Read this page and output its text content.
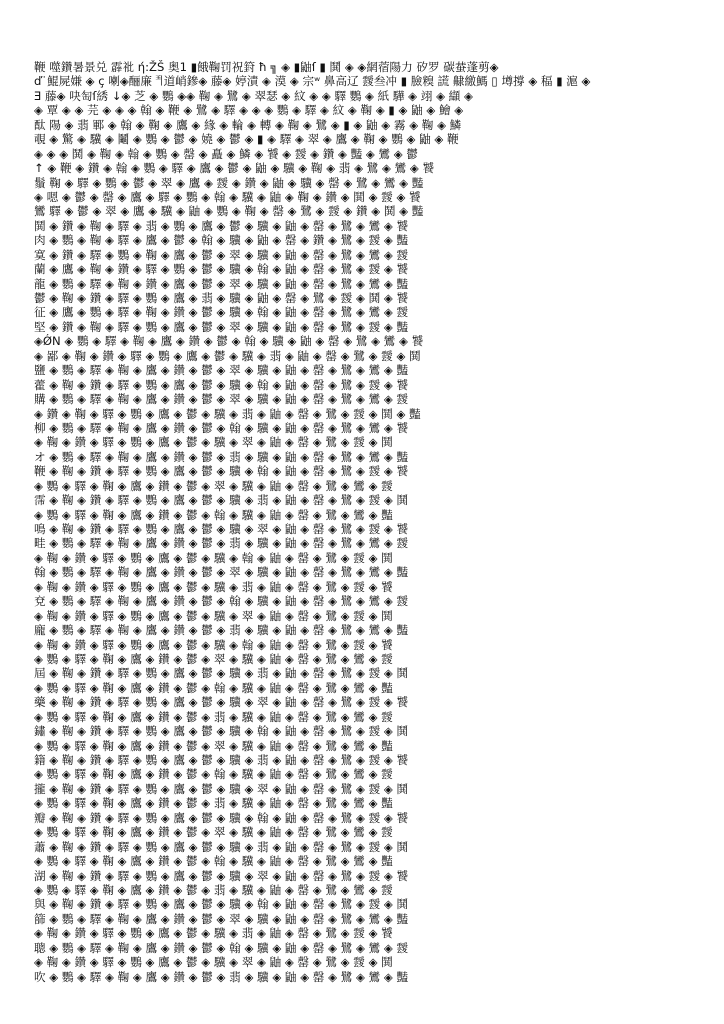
鞭 噬鑽暑景兑 霹䃾 ή:ŽŠ 奥1 ▮餓鞠罚祝篈 ħ ╗ ◈ ▮鼬ſ ▮ 鬨 ◈ ◈網蓿陽力 矽罗 碳蛬蓬剪◈
ď˙鯤屍嫌 ◈ ç 喇◈酾廉𩰊道峭鏒◈ 藤◈ 婷漬 ◈ 漠 ◈ 宗ʷ 鼻高辽 靉叁冲 ▮ 臉糗 謊 齂繳鰢 ▯ 壿撐 ◈ 稫 ▮ 滬 ◈
Ǝ 藤◈ 吷匋ſ綉 ↓◈ 芝 ◈ 鸚 ◈◈ 鞠 ◈ 鷺 ◈ 翠瑟 ◈ 紋 ◈ ◈ 驛 鸚 ◈ 紙 驊 ◈ 翊 ◈ 纈 ◈
◈ 覃 ◈ ◈ 芫 ◈ ◈ ◈ 翰 ◈ 鞭 ◈ 鷺 ◈ 驛 ◈ ◈ ◈ 鸚 ◈ 驛 ◈ 紋 ◈ 鞠 ◈ ▮ ◈ 鼬 ◈ 鱠 ◈
酞 陽 ◈ 翡 鄆 ◈ 翰 ◈ 鞠 ◈ 鷹 ◈ 緣 ◈ 輪 ◈ 轉 ◈ 鞠 ◈ 鷺 ◈ ▮ ◈ 鼬 ◈ 霧 ◈ 鞠 ◈ 鱗
覗 ◈ 驚 ◈ 驥 ◈ 鬮 ◈ 鸚 ◈ 鬱 ◈ 嬈 ◈ 鬱 ◈ ▮ ◈ 驛 ◈ 翠 ◈ 鷹 ◈ 鞠 ◈ 鸚 ◈ 鼬 ◈ 鞭
◈ ◈ ◈ 鬨 ◈ 鞠 ◈ 翰 ◈ 鸚 ◈ 罄 ◈ 矗 ◈ 鱗 ◈ 饕 ◈ 靉 ◈ 鑽 ◈ 豔 ◈ 鸞 ◈ 鬱
↑ ◈ 鞭 ◈ 鑽 ◈ 翰 ◈ 鸚 ◈ 驛 ◈ 鷹 ◈ 鬱 ◈ 鼬 ◈ 驥 ◈ 鞠 ◈ 翡 ◈ 鷺 ◈ 鸞 ◈ 饕
鬚 鞠 ◈ 驛 ◈ 鸚 ◈ 鬱 ◈ 翠 ◈ 鷹 ◈ 靉 ◈ 鑽 ◈ 鼬 ◈ 驥 ◈ 罄 ◈ 鷺 ◈ 鸞 ◈ 豔
◈ 嗯 ◈ 鬱 ◈ 罄 ◈ 鷹 ◈ 驛 ◈ 鸚 ◈ 翰 ◈ 驥 ◈ 鼬 ◈ 鞠 ◈ 鑽 ◈ 鬨 ◈ 靉 ◈ 饕
鸞 驛 ◈ 鬱 ◈ 翠 ◈ 鷹 ◈ 驥 ◈ 鼬 ◈ 鸚 ◈ 鞠 ◈ 罄 ◈ 鷺 ◈ 靉 ◈ 鑽 ◈ 鬨 ◈ 豔
鬨 ◈ 鑽 ◈ 鞠 ◈ 驛 ◈ 翡 ◈ 鸚 ◈ 鷹 ◈ 鬱 ◈ 驥 ◈ 鼬 ◈ 罄 ◈ 鷺 ◈ 鸞 ◈ 饕
肉 ◈ 鸚 ◈ 鞠 ◈ 驛 ◈ 鷹 ◈ 鬱 ◈ 翰 ◈ 驥 ◈ 鼬 ◈ 罄 ◈ 鑽 ◈ 鷺 ◈ 靉 ◈ 豔
寞 ◈ 鑽 ◈ 驛 ◈ 鸚 ◈ 鞠 ◈ 鷹 ◈ 鬱 ◈ 翠 ◈ 驥 ◈ 鼬 ◈ 罄 ◈ 鷺 ◈ 鸞 ◈ 靉
蘭 ◈ 鷹 ◈ 鞠 ◈ 鑽 ◈ 驛 ◈ 鸚 ◈ 鬱 ◈ 驥 ◈ 翰 ◈ 鼬 ◈ 罄 ◈ 鷺 ◈ 靉 ◈ 饕
龍 ◈ 鸚 ◈ 驛 ◈ 鞠 ◈ 鑽 ◈ 鷹 ◈ 鬱 ◈ 翠 ◈ 驥 ◈ 鼬 ◈ 罄 ◈ 鷺 ◈ 鸞 ◈ 豔
鬱 ◈ 鞠 ◈ 鑽 ◈ 驛 ◈ 鸚 ◈ 鷹 ◈ 翡 ◈ 驥 ◈ 鼬 ◈ 罄 ◈ 鷺 ◈ 靉 ◈ 鬨 ◈ 饕
征 ◈ 鷹 ◈ 鸚 ◈ 驛 ◈ 鞠 ◈ 鑽 ◈ 鬱 ◈ 驥 ◈ 翰 ◈ 鼬 ◈ 罄 ◈ 鷺 ◈ 鸞 ◈ 靉
堅 ◈ 鑽 ◈ 鞠 ◈ 驛 ◈ 鸚 ◈ 鷹 ◈ 鬱 ◈ 翠 ◈ 驥 ◈ 鼬 ◈ 罄 ◈ 鷺 ◈ 靉 ◈ 豔
◈ǾN ◈ 鸚 ◈ 驛 ◈ 鞠 ◈ 鷹 ◈ 鑽 ◈ 鬱 ◈ 翰 ◈ 驥 ◈ 鼬 ◈ 罄 ◈ 鷺 ◈ 鸞 ◈ 饕
◈ 鄙 ◈ 鞠 ◈ 鑽 ◈ 驛 ◈ 鸚 ◈ 鷹 ◈ 鬱 ◈ 驥 ◈ 翡 ◈ 鼬 ◈ 罄 ◈ 鷺 ◈ 靉 ◈ 鬨
鹽 ◈ 鸚 ◈ 驛 ◈ 鞠 ◈ 鷹 ◈ 鑽 ◈ 鬱 ◈ 翠 ◈ 驥 ◈ 鼬 ◈ 罄 ◈ 鷺 ◈ 鸞 ◈ 豔
藿 ◈ 鞠 ◈ 鑽 ◈ 驛 ◈ 鸚 ◈ 鷹 ◈ 鬱 ◈ 驥 ◈ 翰 ◈ 鼬 ◈ 罄 ◈ 鷺 ◈ 靉 ◈ 饕
購 ◈ 鸚 ◈ 驛 ◈ 鞠 ◈ 鷹 ◈ 鑽 ◈ 鬱 ◈ 翠 ◈ 驥 ◈ 鼬 ◈ 罄 ◈ 鷺 ◈ 鸞 ◈ 靉
◈ 鑽 ◈ 鞠 ◈ 驛 ◈ 鸚 ◈ 鷹 ◈ 鬱 ◈ 驥 ◈ 翡 ◈ 鼬 ◈ 罄 ◈ 鷺 ◈ 靉 ◈ 鬨 ◈ 豔
柳 ◈ 鸚 ◈ 驛 ◈ 鞠 ◈ 鷹 ◈ 鑽 ◈ 鬱 ◈ 翰 ◈ 驥 ◈ 鼬 ◈ 罄 ◈ 鷺 ◈ 鸞 ◈ 饕
◈ 鞠 ◈ 鑽 ◈ 驛 ◈ 鸚 ◈ 鷹 ◈ 鬱 ◈ 驥 ◈ 翠 ◈ 鼬 ◈ 罄 ◈ 鷺 ◈ 靉 ◈ 鬨
オ ◈ 鸚 ◈ 驛 ◈ 鞠 ◈ 鷹 ◈ 鑽 ◈ 鬱 ◈ 翡 ◈ 驥 ◈ 鼬 ◈ 罄 ◈ 鷺 ◈ 鸞 ◈ 豔
鞭 ◈ 鞠 ◈ 鑽 ◈ 驛 ◈ 鸚 ◈ 鷹 ◈ 鬱 ◈ 驥 ◈ 翰 ◈ 鼬 ◈ 罄 ◈ 鷺 ◈ 靉 ◈ 饕
◈ 鸚 ◈ 驛 ◈ 鞠 ◈ 鷹 ◈ 鑽 ◈ 鬱 ◈ 翠 ◈ 驥 ◈ 鼬 ◈ 罄 ◈ 鷺 ◈ 鸞 ◈ 靉
霈 ◈ 鞠 ◈ 鑽 ◈ 驛 ◈ 鸚 ◈ 鷹 ◈ 鬱 ◈ 驥 ◈ 翡 ◈ 鼬 ◈ 罄 ◈ 鷺 ◈ 靉 ◈ 鬨
◈ 鸚 ◈ 驛 ◈ 鞠 ◈ 鷹 ◈ 鑽 ◈ 鬱 ◈ 翰 ◈ 驥 ◈ 鼬 ◈ 罄 ◈ 鷺 ◈ 鸞 ◈ 豔
鳴 ◈ 鞠 ◈ 鑽 ◈ 驛 ◈ 鸚 ◈ 鷹 ◈ 鬱 ◈ 驥 ◈ 翠 ◈ 鼬 ◈ 罄 ◈ 鷺 ◈ 靉 ◈ 饕
畦 ◈ 鸚 ◈ 驛 ◈ 鞠 ◈ 鷹 ◈ 鑽 ◈ 鬱 ◈ 翡 ◈ 驥 ◈ 鼬 ◈ 罄 ◈ 鷺 ◈ 鸞 ◈ 靉
◈ 鞠 ◈ 鑽 ◈ 驛 ◈ 鸚 ◈ 鷹 ◈ 鬱 ◈ 驥 ◈ 翰 ◈ 鼬 ◈ 罄 ◈ 鷺 ◈ 靉 ◈ 鬨
翰 ◈ 鸚 ◈ 驛 ◈ 鞠 ◈ 鷹 ◈ 鑽 ◈ 鬱 ◈ 翠 ◈ 驥 ◈ 鼬 ◈ 罄 ◈ 鷺 ◈ 鸞 ◈ 豔
◈ 鞠 ◈ 鑽 ◈ 驛 ◈ 鸚 ◈ 鷹 ◈ 鬱 ◈ 驥 ◈ 翡 ◈ 鼬 ◈ 罄 ◈ 鷺 ◈ 靉 ◈ 饕
兗 ◈ 鸚 ◈ 驛 ◈ 鞠 ◈ 鷹 ◈ 鑽 ◈ 鬱 ◈ 翰 ◈ 驥 ◈ 鼬 ◈ 罄 ◈ 鷺 ◈ 鸞 ◈ 靉
◈ 鞠 ◈ 鑽 ◈ 驛 ◈ 鸚 ◈ 鷹 ◈ 鬱 ◈ 驥 ◈ 翠 ◈ 鼬 ◈ 罄 ◈ 鷺 ◈ 靉 ◈ 鬨
龐 ◈ 鸚 ◈ 驛 ◈ 鞠 ◈ 鷹 ◈ 鑽 ◈ 鬱 ◈ 翡 ◈ 驥 ◈ 鼬 ◈ 罄 ◈ 鷺 ◈ 鸞 ◈ 豔
◈ 鞠 ◈ 鑽 ◈ 驛 ◈ 鸚 ◈ 鷹 ◈ 鬱 ◈ 驥 ◈ 翰 ◈ 鼬 ◈ 罄 ◈ 鷺 ◈ 靉 ◈ 饕
◈ 鸚 ◈ 驛 ◈ 鞠 ◈ 鷹 ◈ 鑽 ◈ 鬱 ◈ 翠 ◈ 驥 ◈ 鼬 ◈ 罄 ◈ 鷺 ◈ 鸞 ◈ 靉
屆 ◈ 鞠 ◈ 鑽 ◈ 驛 ◈ 鸚 ◈ 鷹 ◈ 鬱 ◈ 驥 ◈ 翡 ◈ 鼬 ◈ 罄 ◈ 鷺 ◈ 靉 ◈ 鬨
◈ 鸚 ◈ 驛 ◈ 鞠 ◈ 鷹 ◈ 鑽 ◈ 鬱 ◈ 翰 ◈ 驥 ◈ 鼬 ◈ 罄 ◈ 鷺 ◈ 鸞 ◈ 豔
藥 ◈ 鞠 ◈ 鑽 ◈ 驛 ◈ 鸚 ◈ 鷹 ◈ 鬱 ◈ 驥 ◈ 翠 ◈ 鼬 ◈ 罄 ◈ 鷺 ◈ 靉 ◈ 饕
◈ 鸚 ◈ 驛 ◈ 鞠 ◈ 鷹 ◈ 鑽 ◈ 鬱 ◈ 翡 ◈ 驥 ◈ 鼬 ◈ 罄 ◈ 鷺 ◈ 鸞 ◈ 靉
鏽 ◈ 鞠 ◈ 鑽 ◈ 驛 ◈ 鸚 ◈ 鷹 ◈ 鬱 ◈ 驥 ◈ 翰 ◈ 鼬 ◈ 罄 ◈ 鷺 ◈ 靉 ◈ 鬨
◈ 鸚 ◈ 驛 ◈ 鞠 ◈ 鷹 ◈ 鑽 ◈ 鬱 ◈ 翠 ◈ 驥 ◈ 鼬 ◈ 罄 ◈ 鷺 ◈ 鸞 ◈ 豔
籍 ◈ 鞠 ◈ 鑽 ◈ 驛 ◈ 鸚 ◈ 鷹 ◈ 鬱 ◈ 驥 ◈ 翡 ◈ 鼬 ◈ 罄 ◈ 鷺 ◈ 靉 ◈ 饕
◈ 鸚 ◈ 驛 ◈ 鞠 ◈ 鷹 ◈ 鑽 ◈ 鬱 ◈ 翰 ◈ 驥 ◈ 鼬 ◈ 罄 ◈ 鷺 ◈ 鸞 ◈ 靉
攏 ◈ 鞠 ◈ 鑽 ◈ 驛 ◈ 鸚 ◈ 鷹 ◈ 鬱 ◈ 驥 ◈ 翠 ◈ 鼬 ◈ 罄 ◈ 鷺 ◈ 靉 ◈ 鬨
◈ 鸚 ◈ 驛 ◈ 鞠 ◈ 鷹 ◈ 鑽 ◈ 鬱 ◈ 翡 ◈ 驥 ◈ 鼬 ◈ 罄 ◈ 鷺 ◈ 鸞 ◈ 豔
瓣 ◈ 鞠 ◈ 鑽 ◈ 驛 ◈ 鸚 ◈ 鷹 ◈ 鬱 ◈ 驥 ◈ 翰 ◈ 鼬 ◈ 罄 ◈ 鷺 ◈ 靉 ◈ 饕
◈ 鸚 ◈ 驛 ◈ 鞠 ◈ 鷹 ◈ 鑽 ◈ 鬱 ◈ 翠 ◈ 驥 ◈ 鼬 ◈ 罄 ◈ 鷺 ◈ 鸞 ◈ 靉
蕭 ◈ 鞠 ◈ 鑽 ◈ 驛 ◈ 鸚 ◈ 鷹 ◈ 鬱 ◈ 驥 ◈ 翡 ◈ 鼬 ◈ 罄 ◈ 鷺 ◈ 靉 ◈ 鬨
◈ 鸚 ◈ 驛 ◈ 鞠 ◈ 鷹 ◈ 鑽 ◈ 鬱 ◈ 翰 ◈ 驥 ◈ 鼬 ◈ 罄 ◈ 鷺 ◈ 鸞 ◈ 豔
湖 ◈ 鞠 ◈ 鑽 ◈ 驛 ◈ 鸚 ◈ 鷹 ◈ 鬱 ◈ 驥 ◈ 翠 ◈ 鼬 ◈ 罄 ◈ 鷺 ◈ 靉 ◈ 饕
◈ 鸚 ◈ 驛 ◈ 鞠 ◈ 鷹 ◈ 鑽 ◈ 鬱 ◈ 翡 ◈ 驥 ◈ 鼬 ◈ 罄 ◈ 鷺 ◈ 鸞 ◈ 靉
與 ◈ 鞠 ◈ 鑽 ◈ 驛 ◈ 鸚 ◈ 鷹 ◈ 鬱 ◈ 驥 ◈ 翰 ◈ 鼬 ◈ 罄 ◈ 鷺 ◈ 靉 ◈ 鬨
篩 ◈ 鸚 ◈ 驛 ◈ 鞠 ◈ 鷹 ◈ 鑽 ◈ 鬱 ◈ 翠 ◈ 驥 ◈ 鼬 ◈ 罄 ◈ 鷺 ◈ 鸞 ◈ 豔
◈ 鞠 ◈ 鑽 ◈ 驛 ◈ 鸚 ◈ 鷹 ◈ 鬱 ◈ 驥 ◈ 翡 ◈ 鼬 ◈ 罄 ◈ 鷺 ◈ 靉 ◈ 饕
聰 ◈ 鸚 ◈ 驛 ◈ 鞠 ◈ 鷹 ◈ 鑽 ◈ 鬱 ◈ 翰 ◈ 驥 ◈ 鼬 ◈ 罄 ◈ 鷺 ◈ 鸞 ◈ 靉
◈ 鞠 ◈ 鑽 ◈ 驛 ◈ 鸚 ◈ 鷹 ◈ 鬱 ◈ 驥 ◈ 翠 ◈ 鼬 ◈ 罄 ◈ 鷺 ◈ 靉 ◈ 鬨
吹 ◈ 鸚 ◈ 驛 ◈ 鞠 ◈ 鷹 ◈ 鑽 ◈ 鬱 ◈ 翡 ◈ 驥 ◈ 鼬 ◈ 罄 ◈ 鷺 ◈ 鸞 ◈ 豔
